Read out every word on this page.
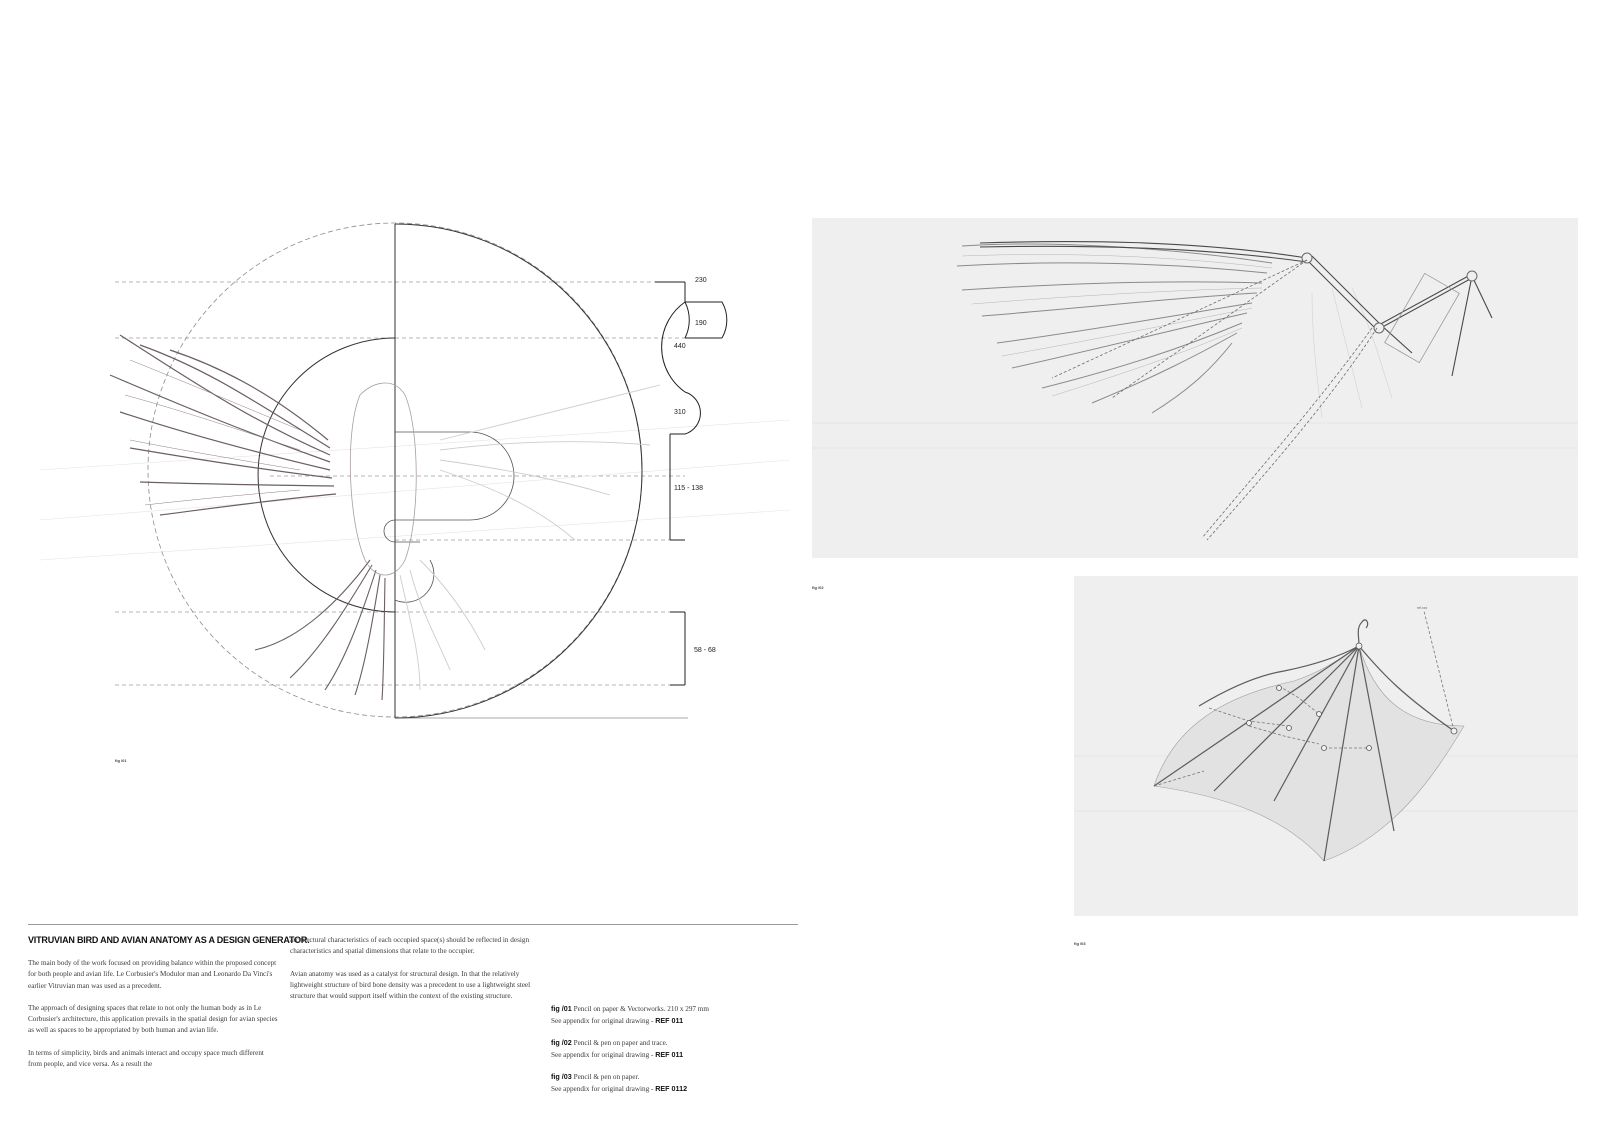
230
190
440
310
115 - 138
58 - 68
fig /01
fig /02
ref.xxx
fig /03
VITRUVIAN BIRD AND AVIAN ANATOMY AS A DESIGN GENERATOR.

The main body of the work focused on providing balance within the proposed concept for both people and avian life. Le Corbusier's Modulor man and Leonardo Da Vinci's earlier Vitruvian man was used as a precedent.

The approach of designing spaces that relate to not only the human body as in Le Corbusier's architecture, this application prevails in the spatial design for avian species as well as spaces to be appropriated by both human and avian life.

In terms of simplicity, birds and animals interact and occupy space much different from people, and vice versa. As a result the

architectural characteristics of each occupied space(s) should be reflected in design characteristics and spatial dimensions that relate to the occupier.

Avian anatomy was used as a catalyst for structural design. In that the relatively lightweight structure of bird bone density was a precedent to use a lightweight steel structure that would support itself within the context of the existing structure.

fig /01 Pencil on paper & Vectorworks. 210 x 297 mm
See appendix for original drawing - REF 011
fig /02 Pencil & pen on paper and trace.
See appendix for original drawing - REF 011
fig /03 Pencil & pen on paper.
See appendix for original drawing - REF 0112
